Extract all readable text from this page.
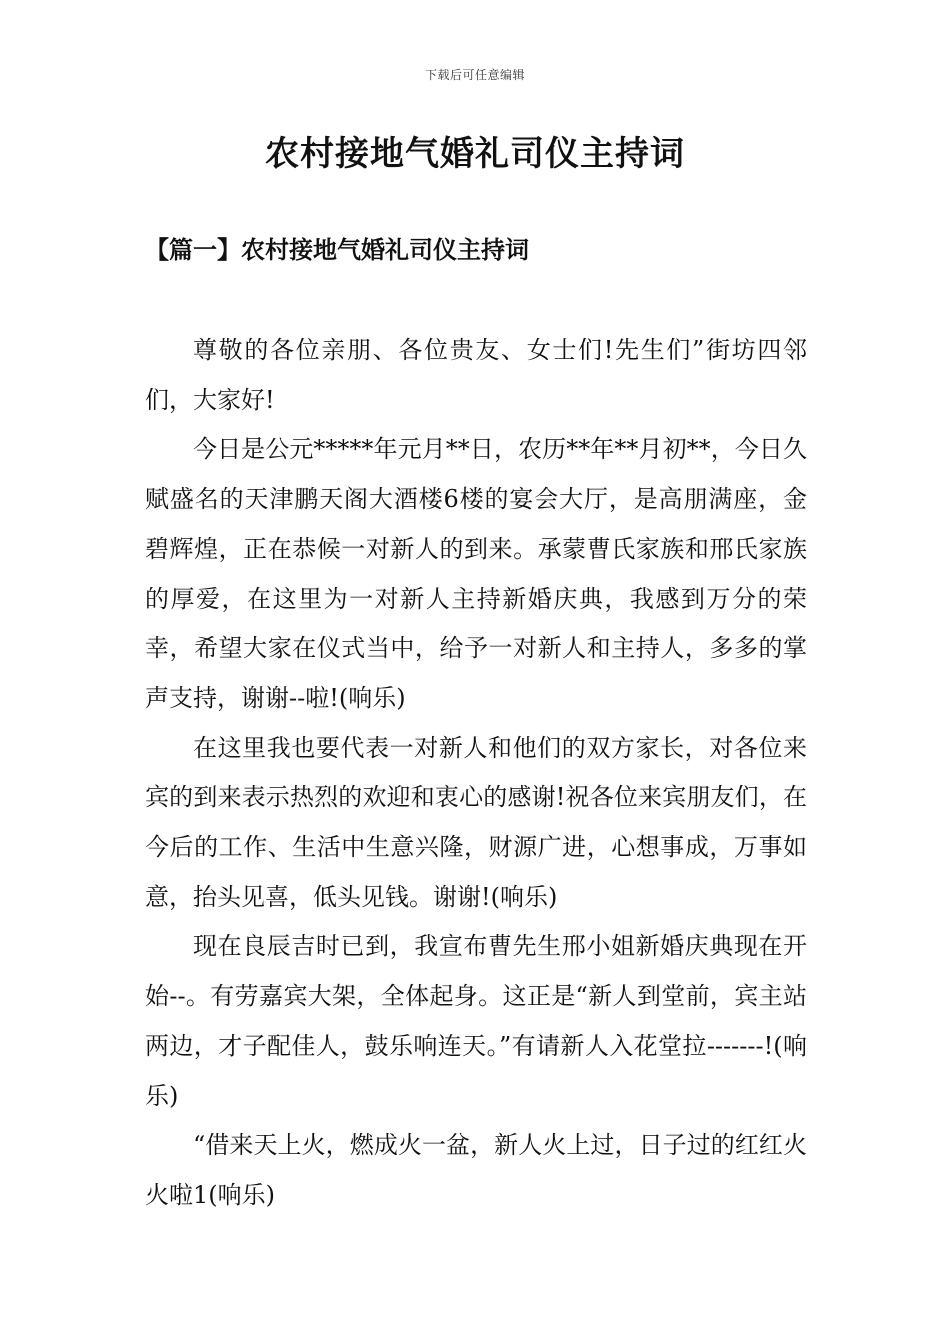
下载后可任意编辑
农村接地气婚礼司仪主持词
【篇一】农村接地气婚礼司仪主持词

尊敬的各位亲朋、各位贵友、女士们!先生们”街坊四邻们，大家好!

今日是公元*****年元月**日，农历**年**月初**，今日久赋盛名的天津鹏天阁大酒楼6楼的宴会大厅，是高朋满座，金碧辉煌，正在恭候一对新人的到来。承蒙曹氏家族和邢氏家族的厚爱，在这里为一对新人主持新婚庆典，我感到万分的荣幸，希望大家在仪式当中，给予一对新人和主持人，多多的掌声支持，谢谢--啦!(响乐)

在这里我也要代表一对新人和他们的双方家长，对各位来宾的到来表示热烈的欢迎和衷心的感谢!祝各位来宾朋友们，在今后的工作、生活中生意兴隆，财源广进，心想事成，万事如意，抬头见喜，低头见钱。谢谢!(响乐)

现在良辰吉时已到，我宣布曹先生邢小姐新婚庆典现在开始--。有劳嘉宾大架，全体起身。这正是“新人到堂前，宾主站两边，才子配佳人，鼓乐响连天。”有请新人入花堂拉-------!(响乐)

“借来天上火，燃成火一盆，新人火上过，日子过的红红火火啦1(响乐)
